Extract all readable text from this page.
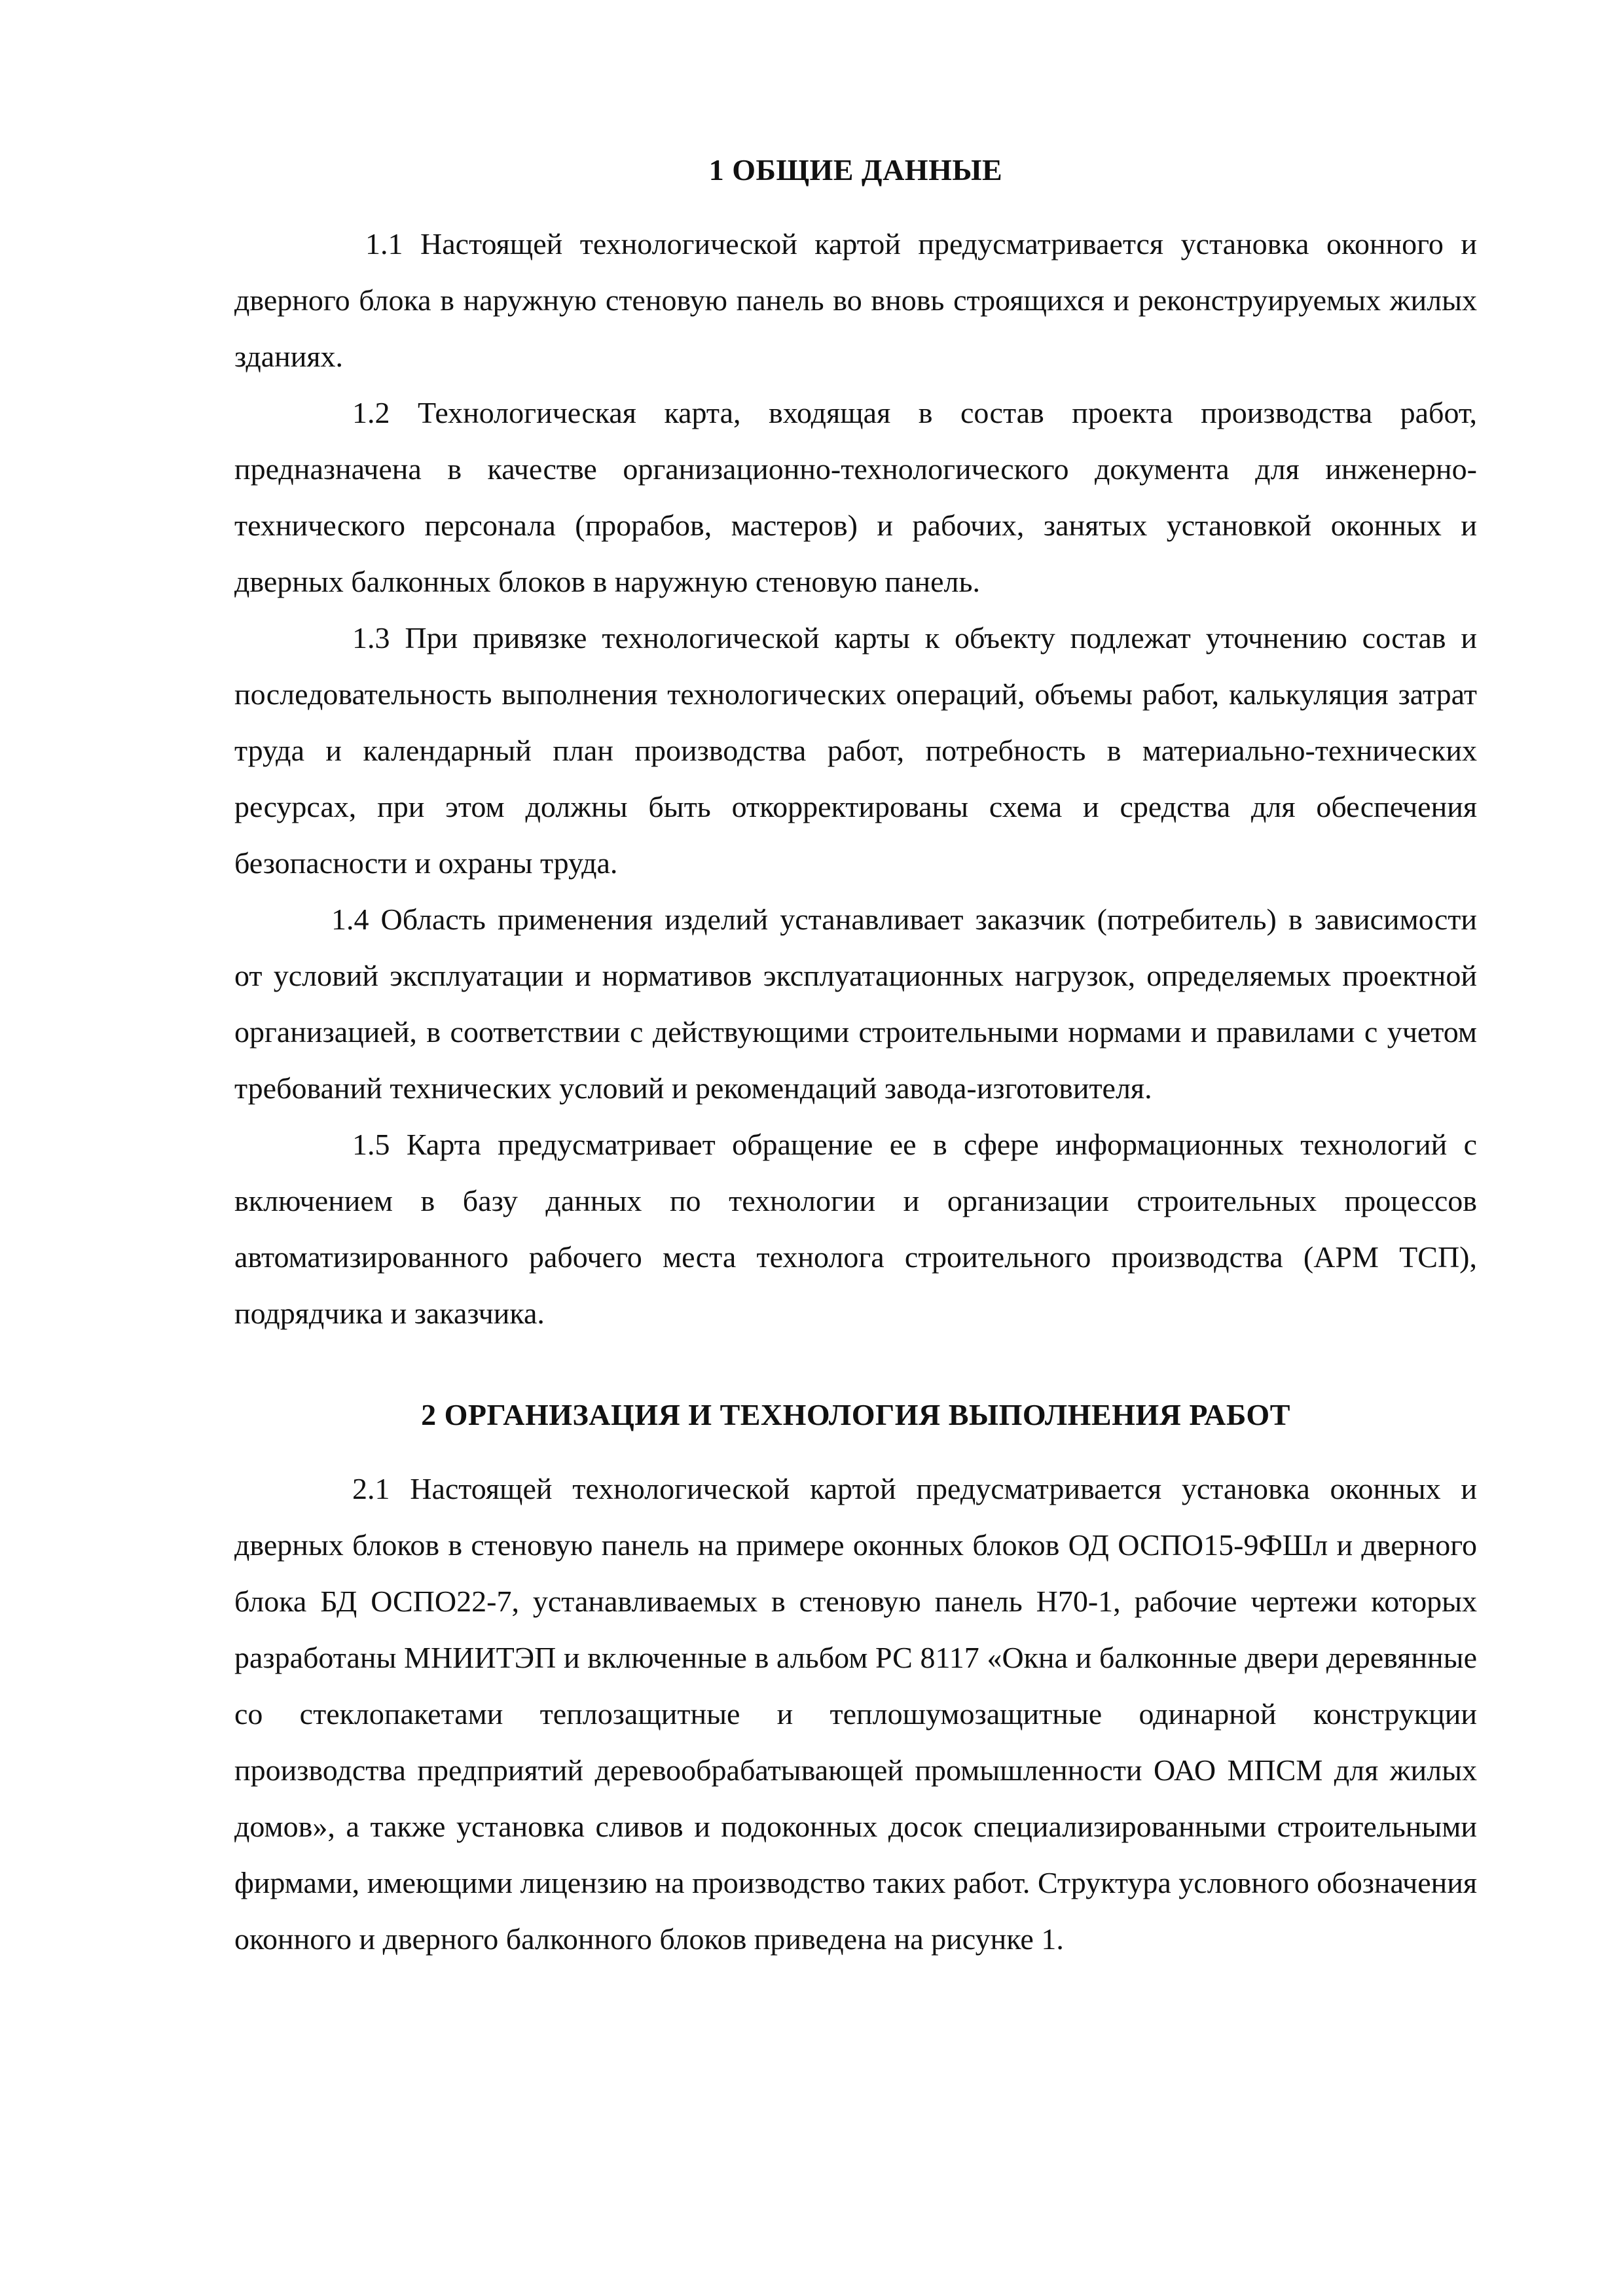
1 ОБЩИЕ ДАННЫЕ

1.1 Настоящей технологической картой предусматривается установка оконного и дверного блока в наружную стеновую панель во вновь строящихся и реконструируемых жилых зданиях.

1.2 Технологическая карта, входящая в состав проекта производства работ, предназначена в качестве организационно-технологического документа для инженерно-технического персонала (прорабов, мастеров) и рабочих, занятых установкой оконных и дверных балконных блоков в наружную стеновую панель.

1.3 При привязке технологической карты к объекту подлежат уточнению состав и последовательность выполнения технологических операций, объемы работ, калькуляция затрат труда и календарный план производства работ, потребность в материально-технических ресурсах, при этом должны быть откорректированы схема и средства для обеспечения безопасности и охраны труда.

1.4 Область применения изделий устанавливает заказчик (потребитель) в зависимости от условий эксплуатации и нормативов эксплуатационных нагрузок, определяемых проектной организацией, в соответствии с действующими строительными нормами и правилами с учетом требований технических условий и рекомендаций завода-изготовителя.

1.5 Карта предусматривает обращение ее в сфере информационных технологий с включением в базу данных по технологии и организации строительных процессов автоматизированного рабочего места технолога строительного производства (АРМ ТСП), подрядчика и заказчика.

2 ОРГАНИЗАЦИЯ И ТЕХНОЛОГИЯ ВЫПОЛНЕНИЯ РАБОТ

2.1 Настоящей технологической картой предусматривается установка оконных и дверных блоков в стеновую панель на примере оконных блоков ОД ОСПО15-9ФШл и дверного блока БД ОСПО22-7, устанавливаемых в стеновую панель Н70-1, рабочие чертежи которых разработаны МНИИТЭП и включенные в альбом РС 8117 «Окна и балконные двери деревянные со стеклопакетами теплозащитные и теплошумозащитные одинарной конструкции производства предприятий деревообрабатывающей промышленности ОАО МПСМ для жилых домов», а также установка сливов и подоконных досок специализированными строительными фирмами, имеющими лицензию на производство таких работ. Структура условного обозначения оконного и дверного балконного блоков приведена на рисунке 1.
